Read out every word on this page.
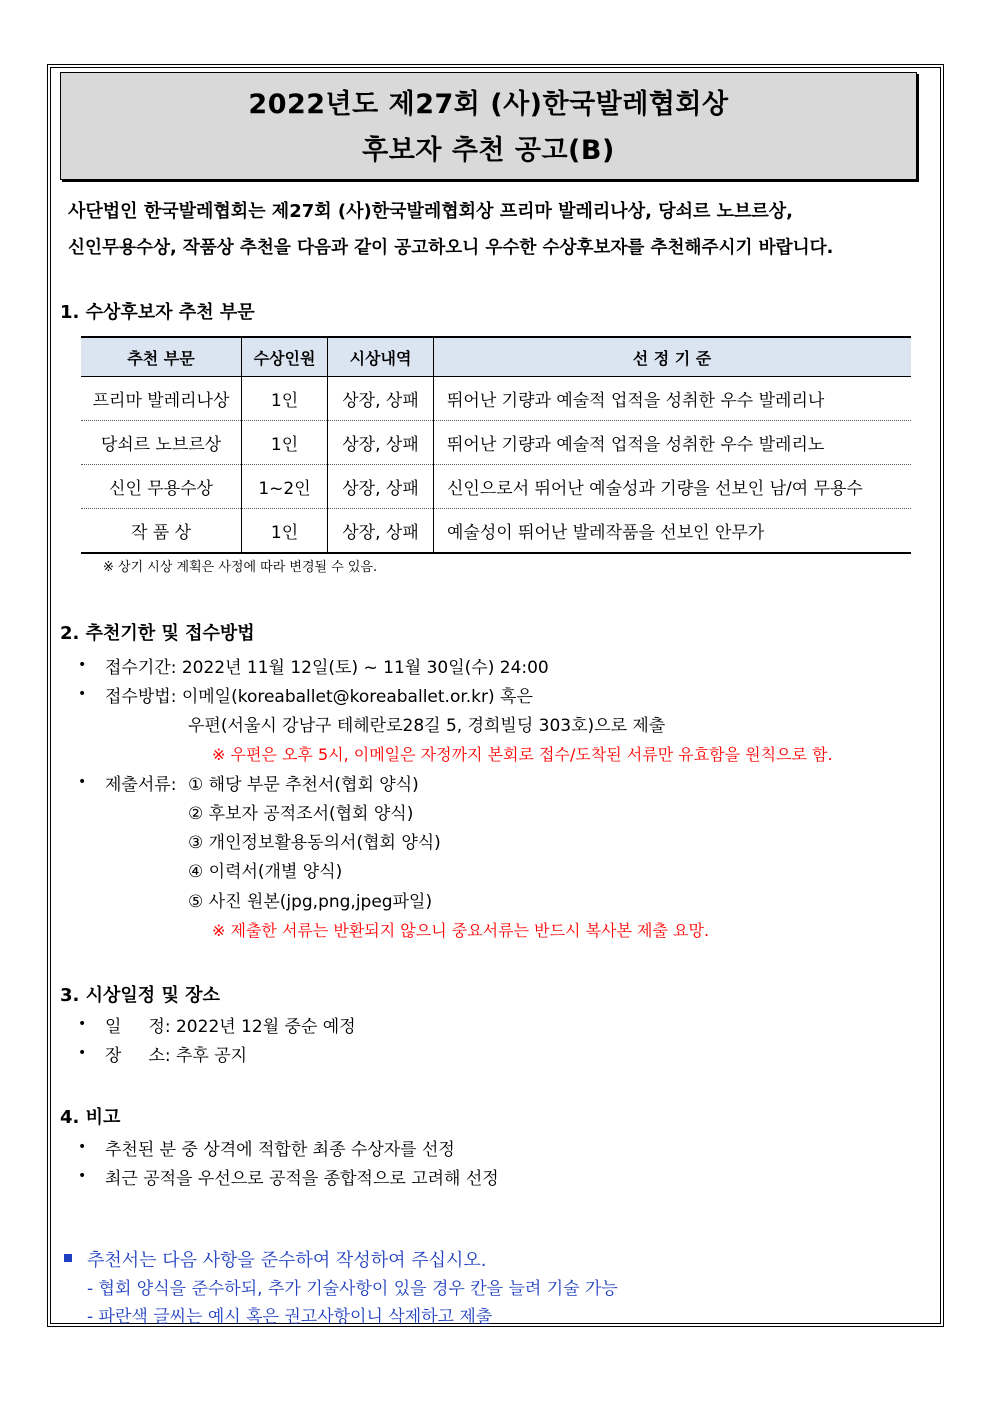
2022년도 제27회 (사)한국발레협회상
후보자 추천 공고(B)
사단법인 한국발레협회는 제27회 (사)한국발레협회상 프리마 발레리나상, 당쇠르 노브르상,
신인무용수상, 작품상 추천을 다음과 같이 공고하오니 우수한 수상후보자를 추천해주시기 바랍니다.
1. 수상후보자 추천 부문
추천 부문	수상인원	시상내역	선 정 기 준
프리마 발레리나상	1인	상장, 상패	뛰어난 기량과 예술적 업적을 성취한 우수 발레리나
당쇠르 노브르상	1인	상장, 상패	뛰어난 기량과 예술적 업적을 성취한 우수 발레리노
신인 무용수상	1~2인	상장, 상패	신인으로서 뛰어난 예술성과 기량을 선보인 남/여 무용수
작 품 상	1인	상장, 상패	예술성이 뛰어난 발레작품을 선보인 안무가
※ 상기 시상 계획은 사정에 따라 변경될 수 있음.
2. 추천기한 및 접수방법
• 접수기간: 2022년 11월 12일(토) ~ 11월 30일(수) 24:00
• 접수방법: 이메일(koreaballet@koreaballet.or.kr) 혹은
우편(서울시 강남구 테헤란로28길 5, 경희빌딩 303호)으로 제출
※ 우편은 오후 5시, 이메일은 자정까지 본회로 접수/도착된 서류만 유효함을 원칙으로 함.
• 제출서류: ① 해당 부문 추천서(협회 양식)
② 후보자 공적조서(협회 양식)
③ 개인정보활용동의서(협회 양식)
④ 이력서(개별 양식)
⑤ 사진 원본(jpg,png,jpeg파일)
※ 제출한 서류는 반환되지 않으니 중요서류는 반드시 복사본 제출 요망.
3. 시상일정 및 장소
• 일     정: 2022년 12월 중순 예정
• 장     소: 추후 공지
4. 비고
• 추천된 분 중 상격에 적합한 최종 수상자를 선정
• 최근 공적을 우선으로 공적을 종합적으로 고려해 선정
추천서는 다음 사항을 준수하여 작성하여 주십시오.
- 협회 양식을 준수하되, 추가 기술사항이 있을 경우 칸을 늘려 기술 가능
- 파란색 글씨는 예시 혹은 권고사항이니 삭제하고 제출
